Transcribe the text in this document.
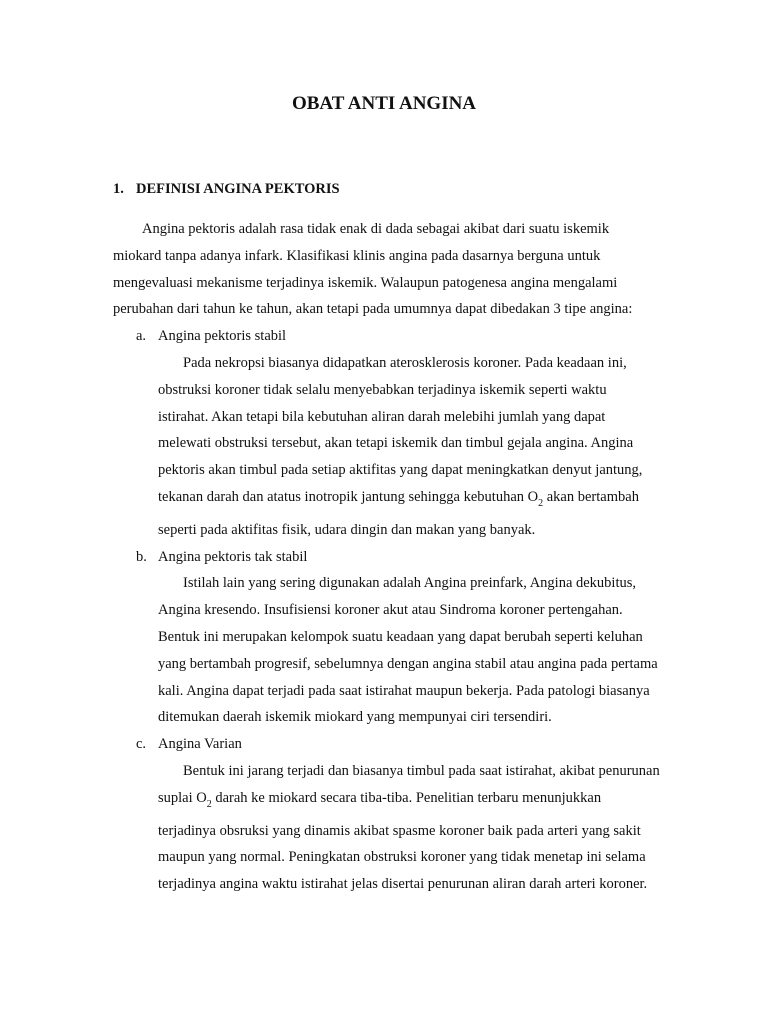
OBAT ANTI ANGINA
1. DEFINISI ANGINA PEKTORIS

Angina pektoris adalah rasa tidak enak di dada sebagai akibat dari suatu iskemik
miokard tanpa adanya infark. Klasifikasi klinis angina pada dasarnya berguna untuk
mengevaluasi mekanisme terjadinya iskemik. Walaupun patogenesa angina mengalami
perubahan dari tahun ke tahun, akan tetapi pada umumnya dapat dibedakan 3 tipe angina:

a. Angina pektoris stabil
Pada nekropsi biasanya didapatkan aterosklerosis koroner. Pada keadaan ini,
obstruksi koroner tidak selalu menyebabkan terjadinya iskemik seperti waktu
istirahat. Akan tetapi bila kebutuhan aliran darah melebihi jumlah yang dapat
melewati obstruksi tersebut, akan tetapi iskemik dan timbul gejala angina. Angina
pektoris akan timbul pada setiap aktifitas yang dapat meningkatkan denyut jantung,
tekanan darah dan atatus inotropik jantung sehingga kebutuhan $O_2$ akan bertambah
seperti pada aktifitas fisik, udara dingin dan makan yang banyak.
b. Angina pektoris tak stabil
Istilah lain yang sering digunakan adalah Angina preinfark, Angina dekubitus,
Angina kresendo. Insufisiensi koroner akut atau Sindroma koroner pertengahan.
Bentuk ini merupakan kelompok suatu keadaan yang dapat berubah seperti keluhan
yang bertambah progresif, sebelumnya dengan angina stabil atau angina pada pertama
kali. Angina dapat terjadi pada saat istirahat maupun bekerja. Pada patologi biasanya
ditemukan daerah iskemik miokard yang mempunyai ciri tersendiri.
c. Angina Varian
Bentuk ini jarang terjadi dan biasanya timbul pada saat istirahat, akibat penurunan
suplai $O_2$ darah ke miokard secara tiba-tiba. Penelitian terbaru menunjukkan
terjadinya obsruksi yang dinamis akibat spasme koroner baik pada arteri yang sakit
maupun yang normal. Peningkatan obstruksi koroner yang tidak menetap ini selama
terjadinya angina waktu istirahat jelas disertai penurunan aliran darah arteri koroner.
